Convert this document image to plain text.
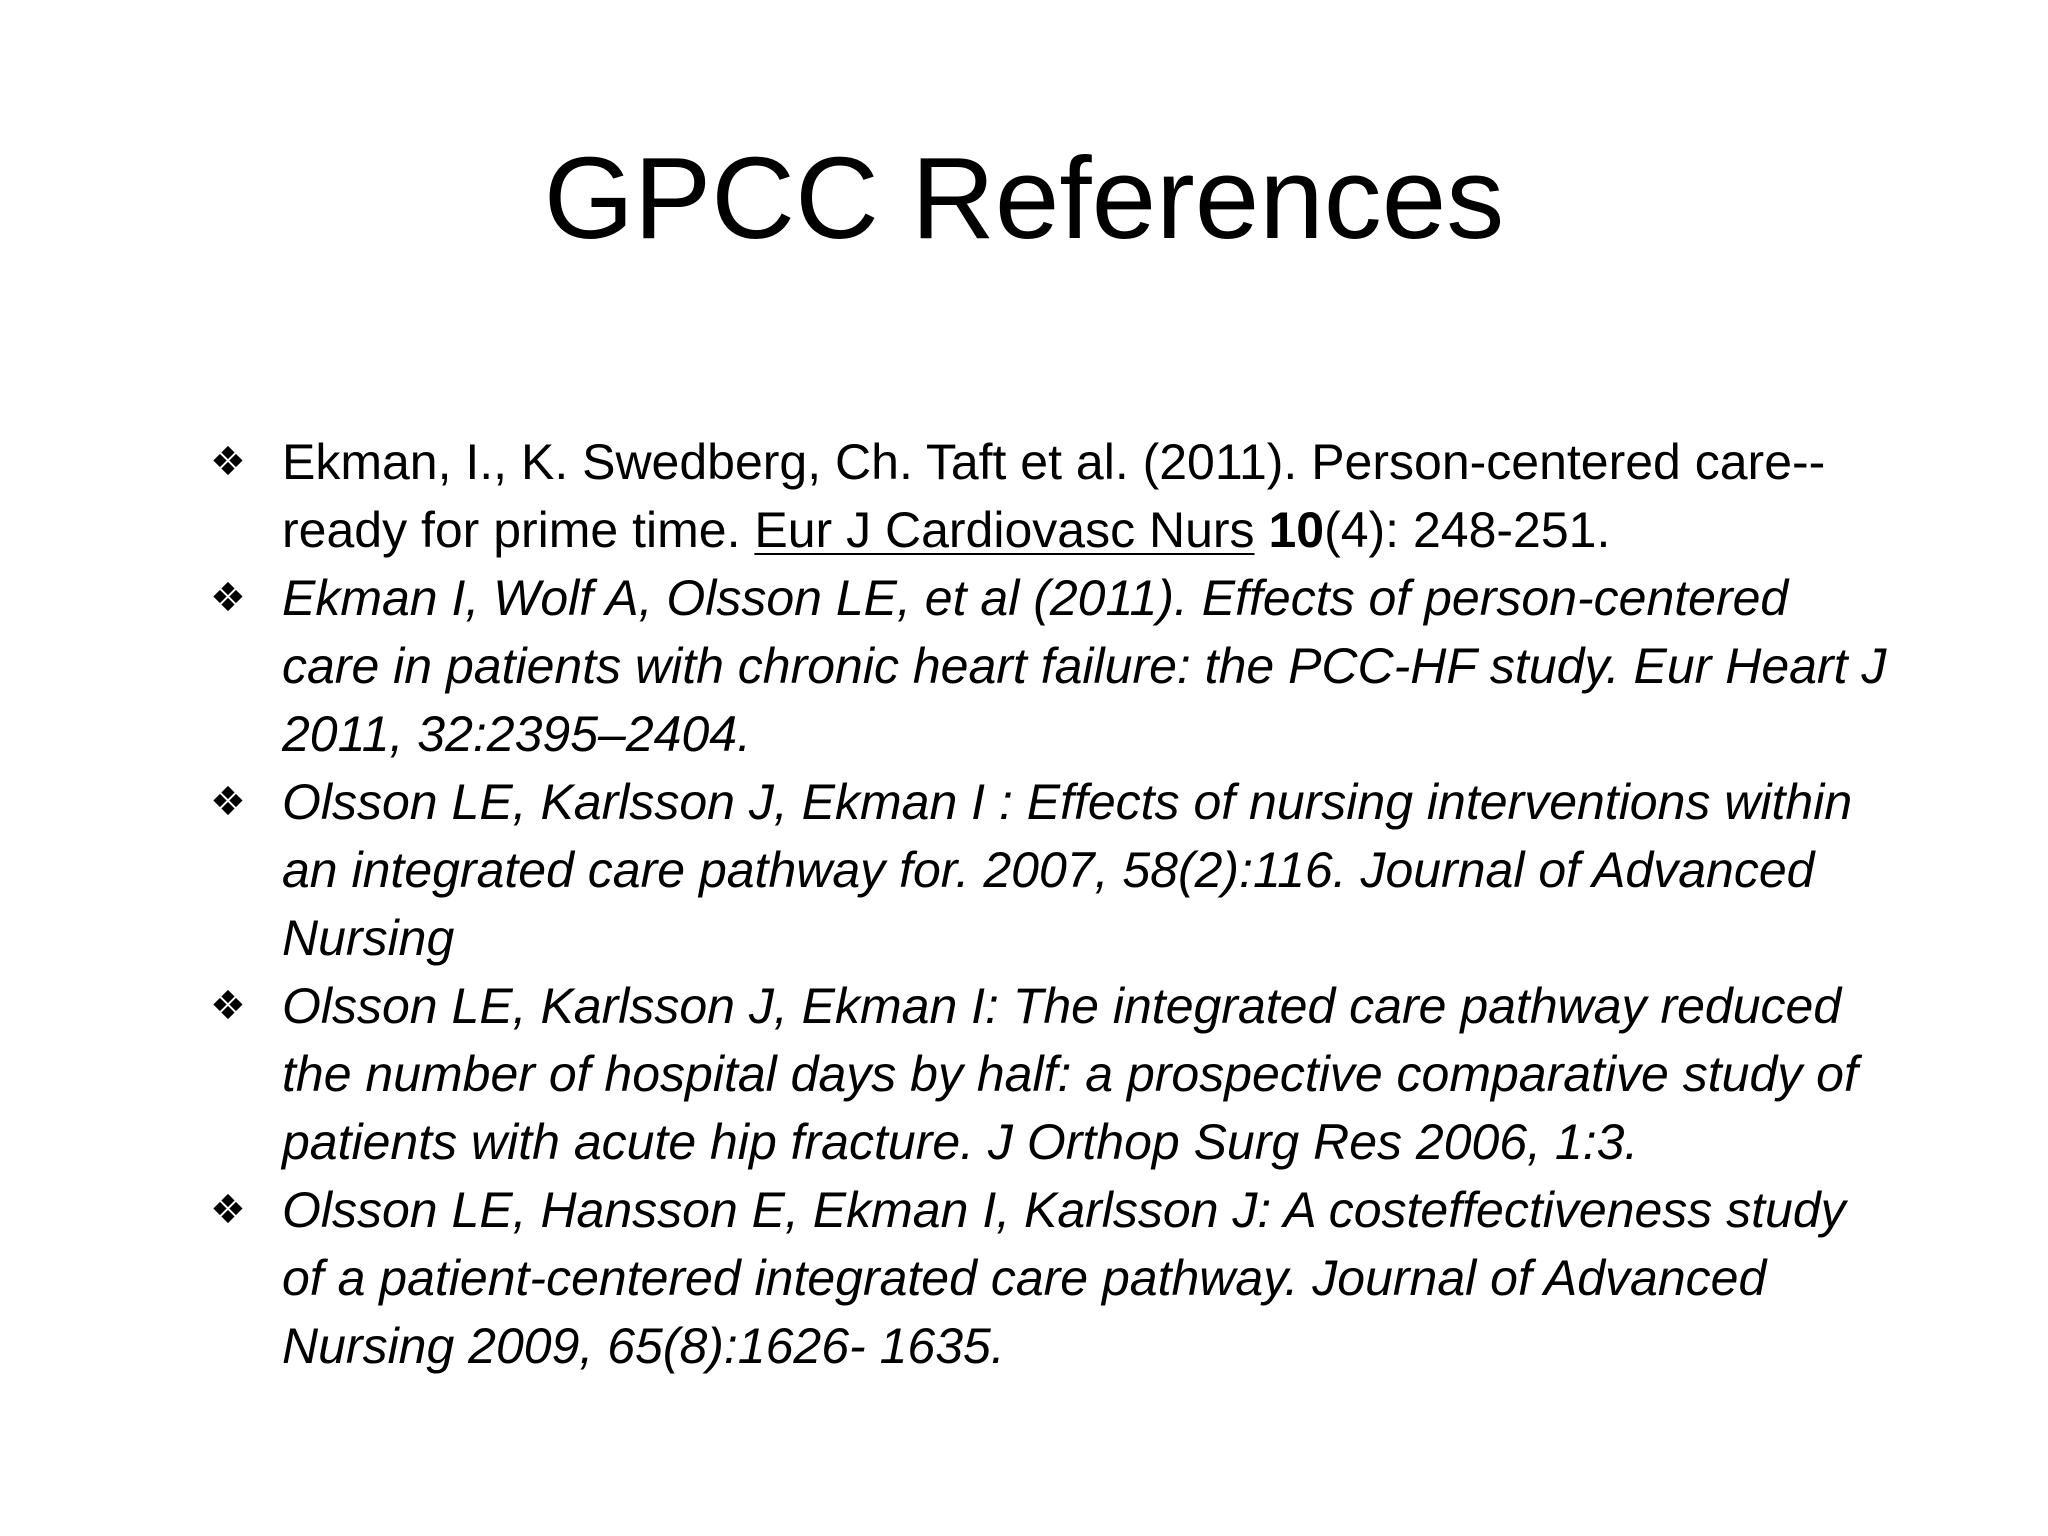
GPCC References
❖ Ekman, I., K. Swedberg, Ch. Taft et al. (2011). Person-centered care--ready for prime time. Eur J Cardiovasc Nurs 10(4): 248-251.
❖ Ekman I, Wolf A, Olsson LE, et al (2011). Effects of person-centered care in patients with chronic heart failure: the PCC-HF study. Eur Heart J 2011, 32:2395–2404.
❖ Olsson LE, Karlsson J, Ekman I : Effects of nursing interventions within an integrated care pathway for. 2007, 58(2):116. Journal of Advanced Nursing
❖ Olsson LE, Karlsson J, Ekman I: The integrated care pathway reduced the number of hospital days by half: a prospective comparative study of patients with acute hip fracture. J Orthop Surg Res 2006, 1:3.
❖ Olsson LE, Hansson E, Ekman I, Karlsson J: A costeffectiveness study of a patient-centered integrated care pathway. Journal of Advanced Nursing 2009, 65(8):1626- 1635.
